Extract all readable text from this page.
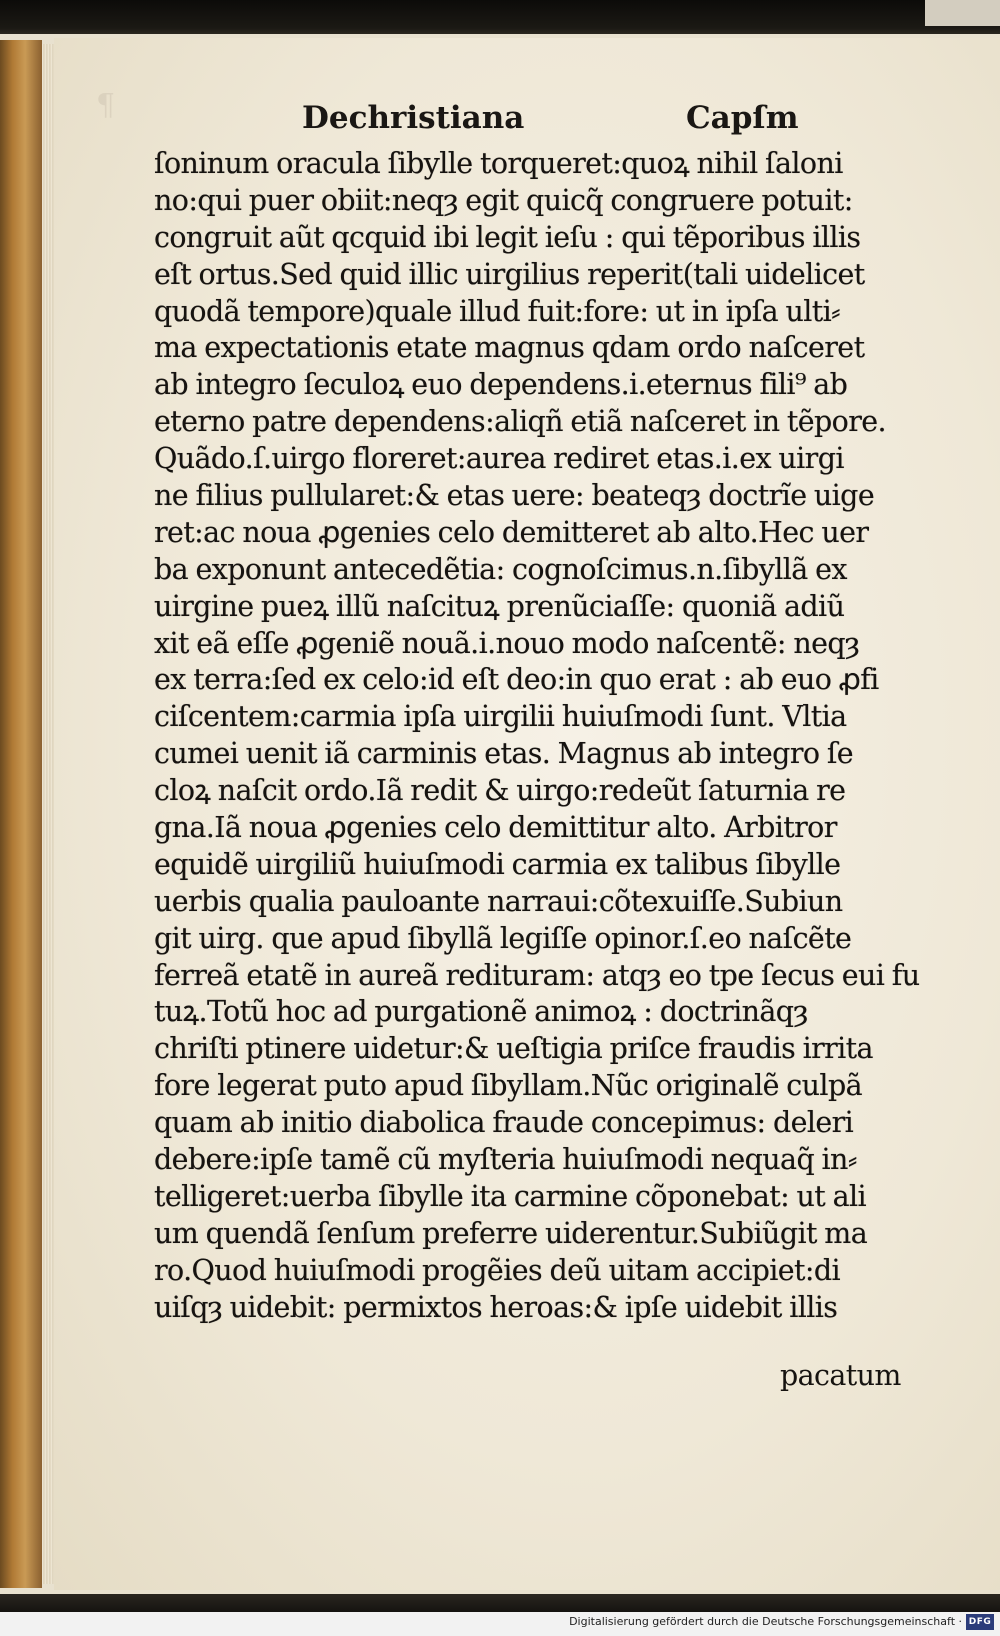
¶	Dechristiana	Capſm
ſoninum oracula ſibylle torqueret:quoꝝ nihil ſaloni
no:qui puer obiit:neqȝ egit quicq̃ congruere potuit:
congruit aũt qcquid ibi legit ieſu : qui tẽporibus illis
eſt ortus.Sed quid illic uirgilius reperit(tali uidelicet
quodã tempore)quale illud fuit:fore: ut in ipſa ulti⸗
ma expectationis etate magnus qdam ordo naſceret
ab integro ſeculoꝝ euo dependens.i.eternus fili⁹ ab
eterno patre dependens:aliqñ etiã naſceret in tẽpore.
Quãdo.ſ.uirgo floreret:aurea rediret etas.i.ex uirgi
ne filius pullularet:& etas uere: beateqȝ doctrĩe uige
ret:ac noua ꝓgenies celo demitteret ab alto.Hec uer
ba exponunt antecedẽtia: cognoſcimus.n.ſibyllã ex
uirgine pueꝝ illũ naſcituꝝ prenũciaſſe: quoniã adiũ
xit eã eſſe ꝓgeniẽ nouã.i.nouo modo naſcentẽ: neqȝ
ex terra:ſed ex celo:id eſt deo:in quo erat : ab euo ꝓfi
ciſcentem:carmia ipſa uirgilii huiuſmodi ſunt. Vltia
cumei uenit iã carminis etas. Magnus ab integro ſe
cloꝝ naſcit ordo.Iã redit & uirgo:redeũt ſaturnia re
gna.Iã noua ꝓgenies celo demittitur alto. Arbitror
equidẽ uirgiliũ huiuſmodi carmia ex talibus ſibylle
uerbis qualia pauloante narraui:cõtexuiſſe.Subiun
git uirg. que apud ſibyllã legiſſe opinor.ſ.eo naſcẽte
ferreã etatẽ in aureã redituram: atqȝ eo tpe ſecus eui fu
tuꝝ.Totũ hoc ad purgationẽ animoꝝ : doctrinãqȝ
chriſti ptinere uidetur:& ueſtigia priſce fraudis irrita
fore legerat puto apud ſibyllam.Nũc originalẽ culpã
quam ab initio diabolica fraude concepimus: deleri
debere:ipſe tamẽ cũ myſteria huiuſmodi nequaq̃ in⸗
telligeret:uerba ſibylle ita carmine cõponebat: ut ali
um quendã ſenſum preferre uiderentur.Subiũgit ma
ro.Quod huiuſmodi progẽies deũ uitam accipiet:di
uiſqȝ uidebit: permixtos heroas:& ipſe uidebit illis
pacatum
Digitalisierung gefördert durch die Deutsche Forschungsgemeinschaft · DFG
